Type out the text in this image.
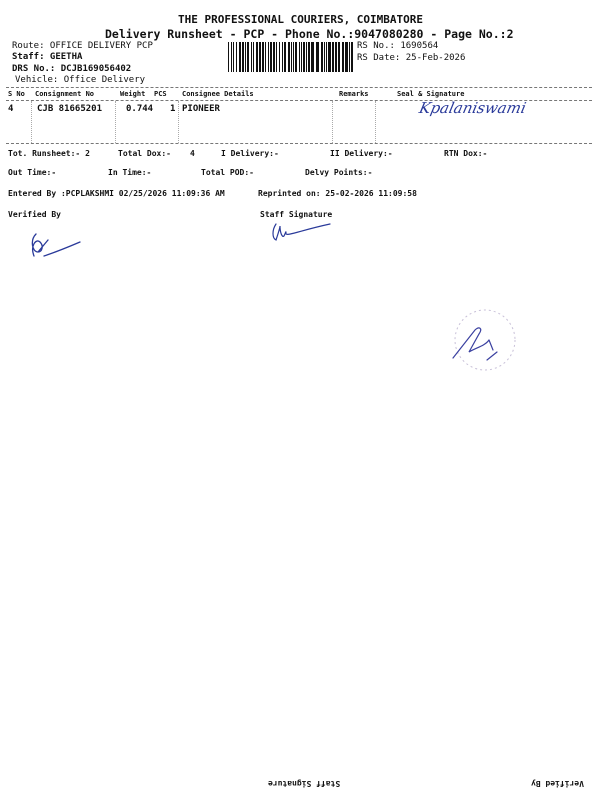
THE PROFESSIONAL COURIERS, COIMBATORE
Delivery Runsheet - PCP - Phone No.:9047080280 - Page No.:2
Route: OFFICE DELIVERY PCP
Staff: GEETHA
DRS No.: DCJB169056402
Vehicle: Office Delivery
RS No.: 1690564
RS Date: 25-Feb-2026
S No Consignment No	Weight PCS Consignee Details	Remarks	Seal & Signature
4	CJB 81665201	0.744 1 PIONEER	Kpalaniswami
Tot. Runsheet:- 2	Total Dox:- 4	I Delivery:-	II Delivery:-	RTN Dox:-
Out Time:-	In Time:-	Total POD:-	Delvy Points:-
Entered By :PCPLAKSHMI 02/25/2026 11:09:36 AM	Reprinted on: 25-02-2026 11:09:58
Verified By	Staff Signature
Staff Signature	Verified By
